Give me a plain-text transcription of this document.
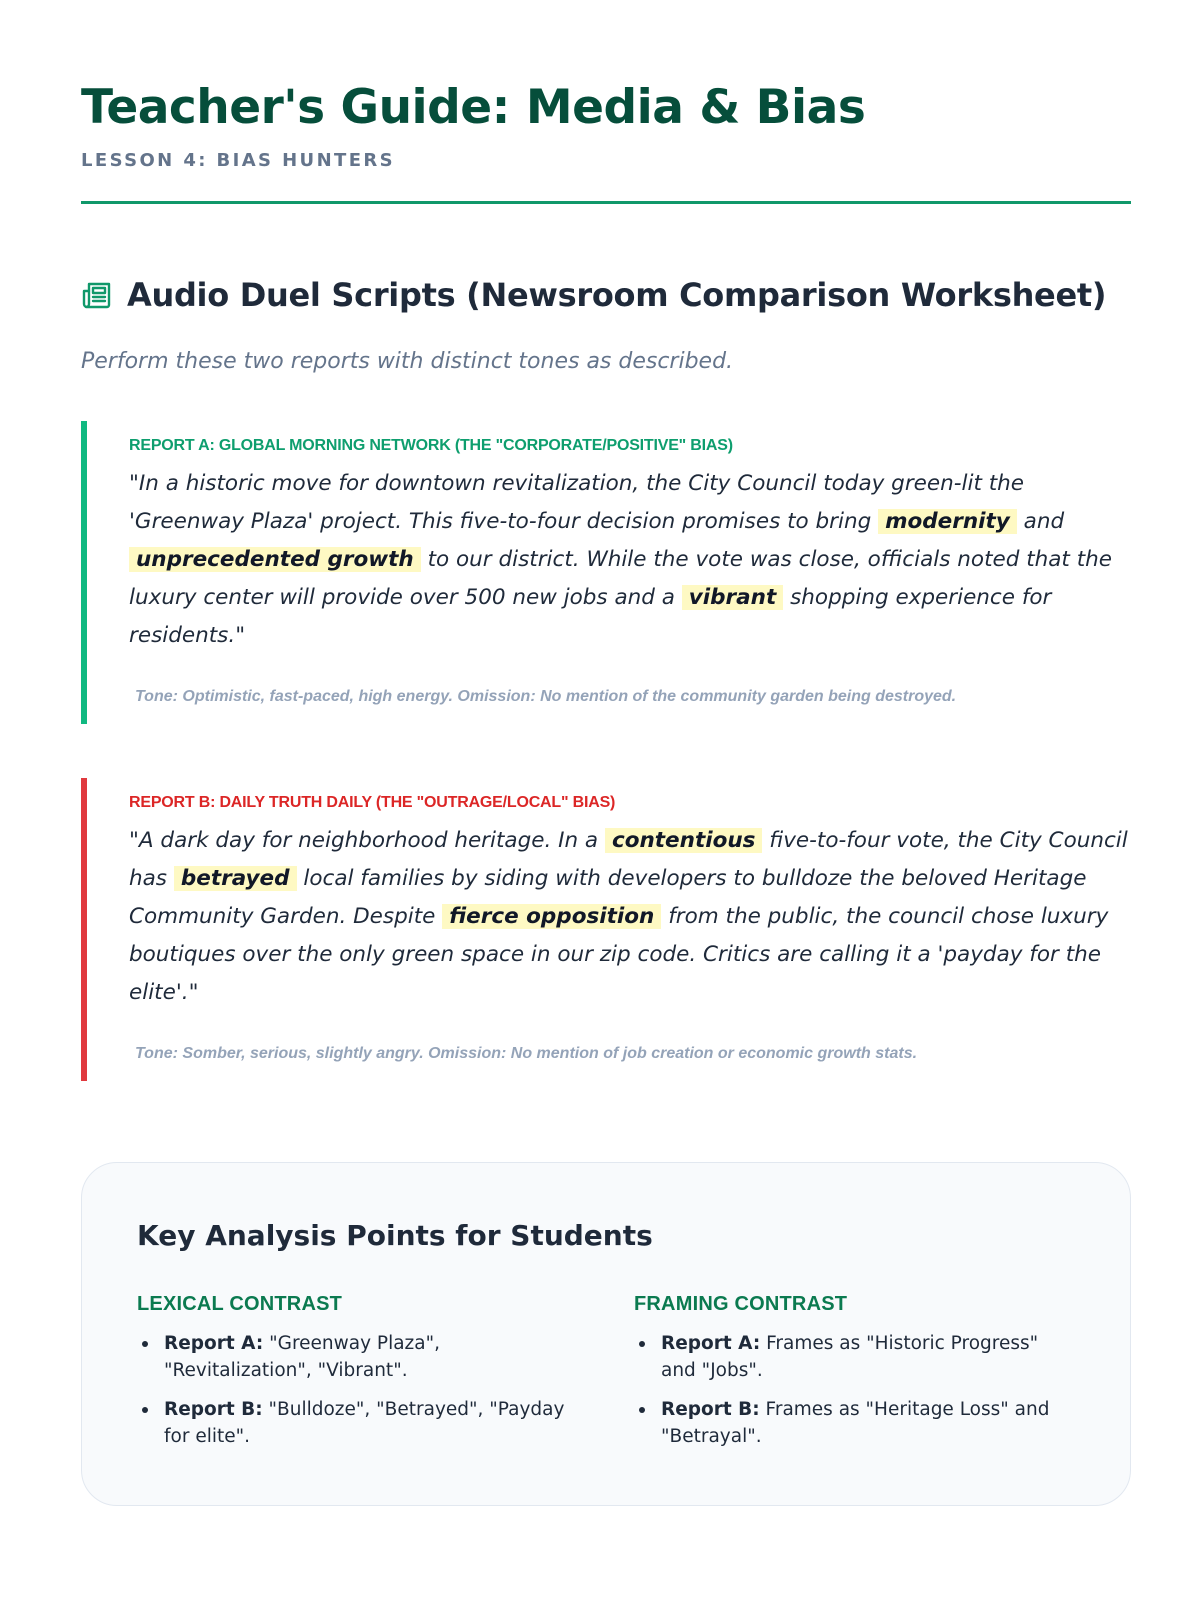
Teacher's Guide: Media & Bias
LESSON 4: BIAS HUNTERS
Audio Duel Scripts (Newsroom Comparison Worksheet)
Perform these two reports with distinct tones as described.
REPORT A: GLOBAL MORNING NETWORK (THE "CORPORATE/POSITIVE" BIAS)
"In a historic move for downtown revitalization, the City Council today green-lit the 'Greenway Plaza' project. This five-to-four decision promises to bring modernity and unprecedented growth to our district. While the vote was close, officials noted that the luxury center will provide over 500 new jobs and a vibrant shopping experience for residents."
Tone: Optimistic, fast-paced, high energy. Omission: No mention of the community garden being destroyed.
REPORT B: DAILY TRUTH DAILY (THE "OUTRAGE/LOCAL" BIAS)
"A dark day for neighborhood heritage. In a contentious five-to-four vote, the City Council has betrayed local families by siding with developers to bulldoze the beloved Heritage Community Garden. Despite fierce opposition from the public, the council chose luxury boutiques over the only green space in our zip code. Critics are calling it a 'payday for the elite'."
Tone: Somber, serious, slightly angry. Omission: No mention of job creation or economic growth stats.
Key Analysis Points for Students
LEXICAL CONTRAST
Report A: "Greenway Plaza", "Revitalization", "Vibrant".
Report B: "Bulldoze", "Betrayed", "Payday for elite".
FRAMING CONTRAST
Report A: Frames as "Historic Progress" and "Jobs".
Report B: Frames as "Heritage Loss" and "Betrayal".
